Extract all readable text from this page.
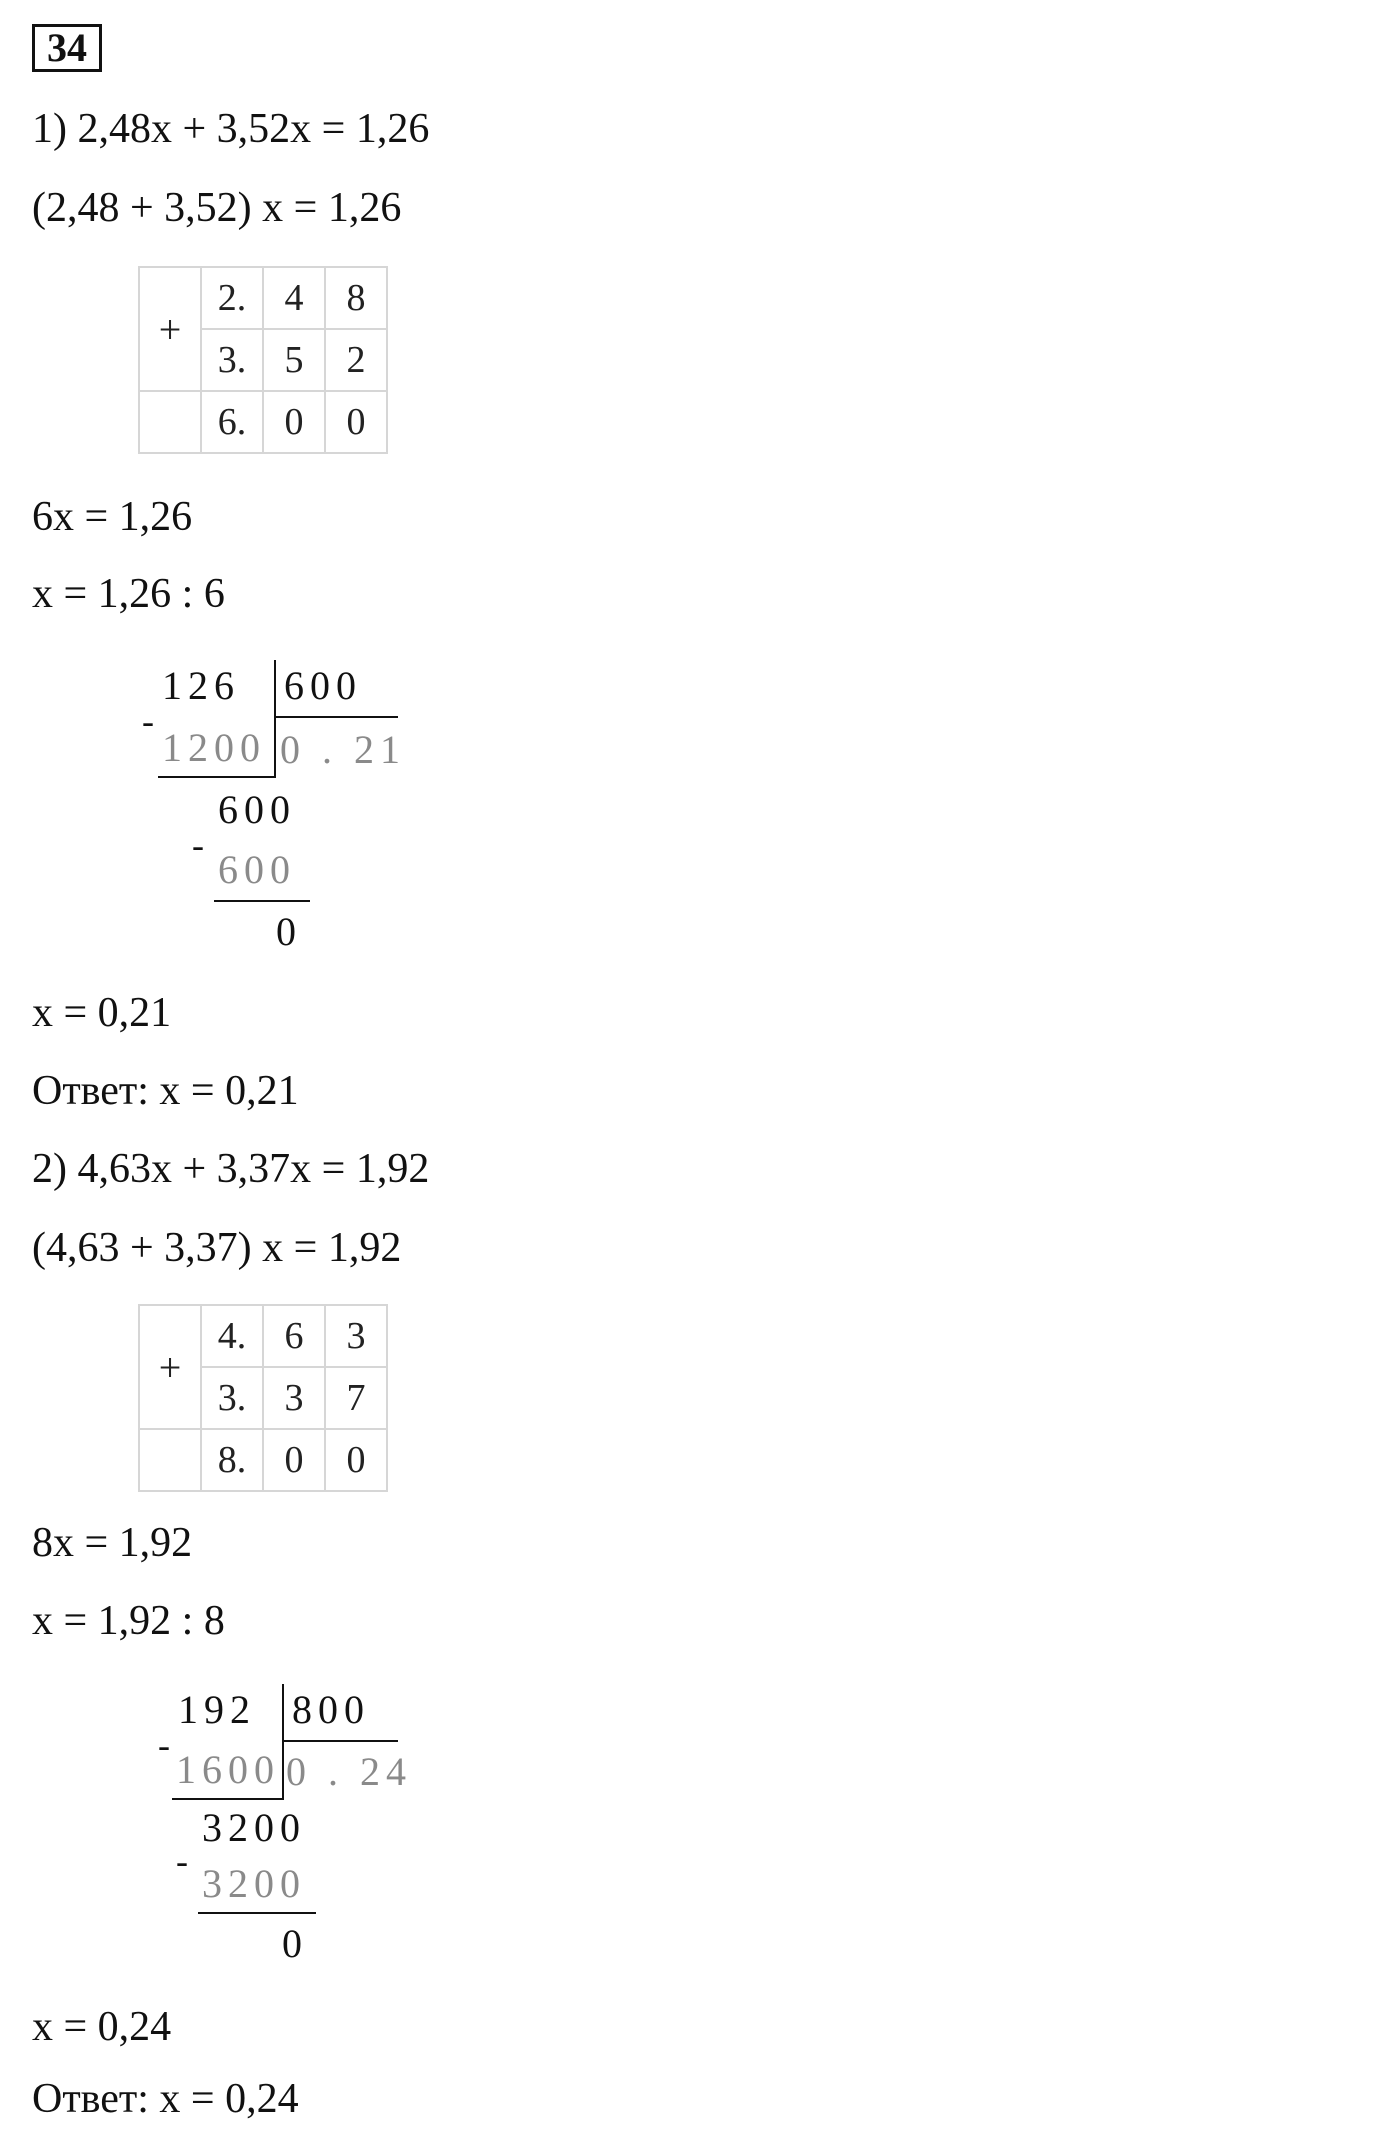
34
1) 2,48x + 3,52x = 1,26
(2,48 + 3,52) x = 1,26
+	2.	4	8
	3.	5	2
	6.	0	0
6x = 1,26
x = 1,26 : 6
126 600
-
1200 0 . 21
600
-
600
0
x = 0,21
Ответ: x = 0,21
2) 4,63x + 3,37x = 1,92
(4,63 + 3,37) x = 1,92
+	4.	6	3
	3.	3	7
	8.	0	0
8x = 1,92
x = 1,92 : 8
192 800
-
1600 0 . 24
3200
- 3200
0
x = 0,24
Ответ: x = 0,24
